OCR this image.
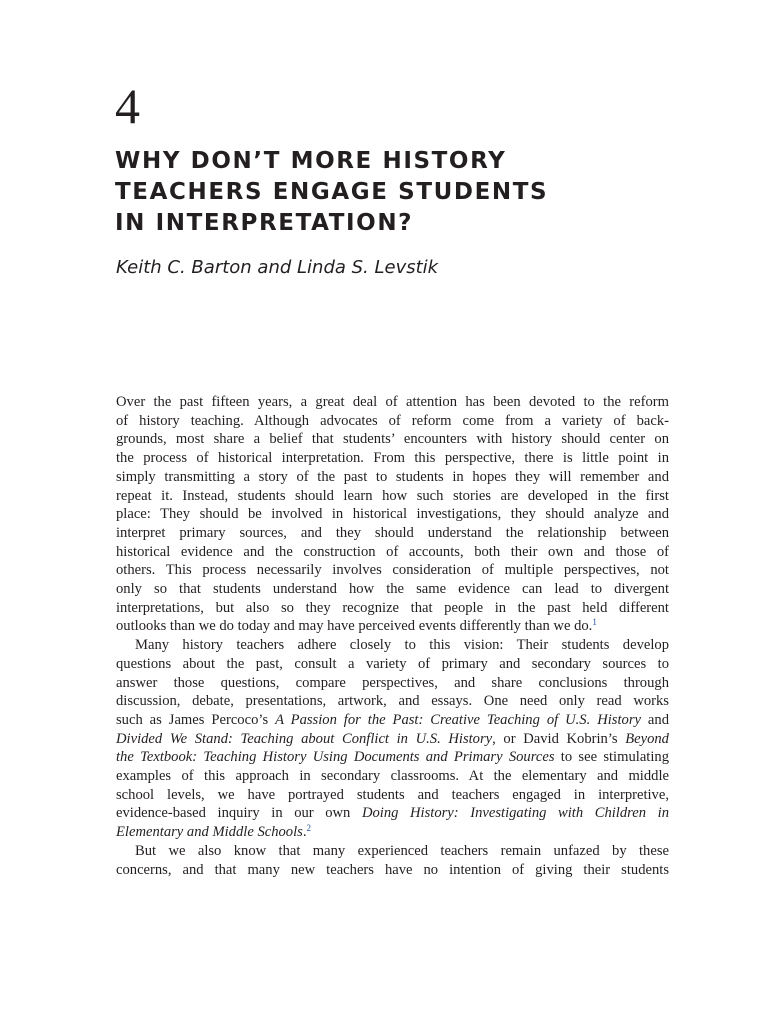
4
WHY DON’T MORE HISTORY
TEACHERS ENGAGE STUDENTS
IN INTERPRETATION?
Keith C. Barton and Linda S. Levstik

Over the past fifteen years, a great deal of attention has been devoted to the reform
of history teaching. Although advocates of reform come from a variety of back-
grounds, most share a belief that students’ encounters with history should center on
the process of historical interpretation. From this perspective, there is little point in
simply transmitting a story of the past to students in hopes they will remember and
repeat it. Instead, students should learn how such stories are developed in the first
place: They should be involved in historical investigations, they should analyze and
interpret primary sources, and they should understand the relationship between
historical evidence and the construction of accounts, both their own and those of
others. This process necessarily involves consideration of multiple perspectives, not
only so that students understand how the same evidence can lead to divergent
interpretations, but also so they recognize that people in the past held different
outlooks than we do today and may have perceived events differently than we do.$^1$

Many history teachers adhere closely to this vision: Their students develop
questions about the past, consult a variety of primary and secondary sources to
answer those questions, compare perspectives, and share conclusions through
discussion, debate, presentations, artwork, and essays. One need only read works
such as James Percoco’s A Passion for the Past: Creative Teaching of U.S. History and
Divided We Stand: Teaching about Conflict in U.S. History, or David Kobrin’s Beyond
the Textbook: Teaching History Using Documents and Primary Sources to see stimulating
examples of this approach in secondary classrooms. At the elementary and middle
school levels, we have portrayed students and teachers engaged in interpretive,
evidence-based inquiry in our own Doing History: Investigating with Children in
Elementary and Middle Schools.$^2$

But we also know that many experienced teachers remain unfazed by these
concerns, and that many new teachers have no intention of giving their students
